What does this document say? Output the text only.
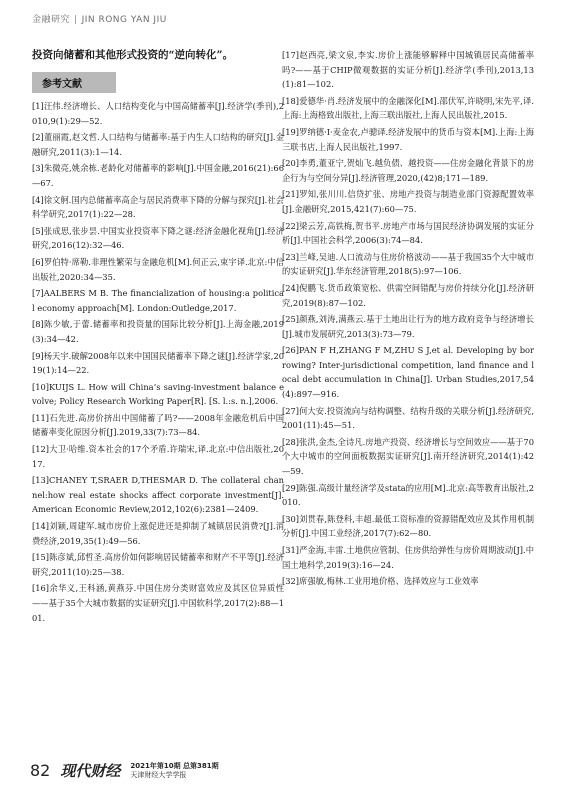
金融研究 | JIN RONG YAN JIU

投资向储蓄和其他形式投资的“逆向转化”。

参考文献

[1]汪伟.经济增长、人口结构变化与中国高储蓄率[J].经济学(季刊),2010,9(1):29—52.

[2]董丽霞,赵文哲.人口结构与储蓄率:基于内生人口结构的研究[J].金融研究,2011(3):1—14.

[3]朱微亮,姚余栋.老龄化对储蓄率的影响[J].中国金融,2016(21):66—67.

[4]徐文舸.国内总储蓄率高企与居民消费率下降的分解与探究[J].社会科学研究,2017(1):22—28.

[5]张成思,张步昙.中国实业投资率下降之谜:经济金融化视角[J].经济研究,2016(12):32—46.

[6]罗伯特·席勒.非理性繁荣与金融危机[M].何正云,束宇译.北京:中信出版社,2020:34—35.

[7]AALBERS M B. The financialization of housing:a political economy approach[M]. London:Outledge,2017.

[8]陈少敏,于蕾.储蓄率和投资量的国际比较分析[J].上海金融,2019(3):34—42.

[9]杨天宇.破解2008年以来中国国民储蓄率下降之谜[J].经济学家,2019(1):14—22.

[10]KUIJS L. How will China’s saving-investment balance evolve; Policy Research Working Paper[R]. [S. l.:s. n.],2006.

[11]石先进.高房价挤出中国储蓄了吗?——2008年金融危机后中国储蓄率变化原因分析[J].2019,33(7):73—84.

[12]大卫·哈维.资本社会的17个矛盾.许瑞宋,译.北京:中信出版社,2017.

[13]CHANEY T,SRAER D,THESMAR D. The collateral channel:how real estate shocks affect corporate investment[J]. American Economic Review,2012,102(6):2381—2409.

[14]刘颖,周建军.城市房价上涨促进还是抑制了城镇居民消费?[J].消费经济,2019,35(1):49—56.

[15]陈彦斌,邱哲圣.高房价如何影响居民储蓄率和财产不平等[J].经济研究,2011(10):25—38.

[16]余华义,王科涵,黄燕芬.中国住房分类财富效应及其区位异质性——基于35个大城市数据的实证研究[J].中国软科学,2017(2):88—101.

[17]赵西亮,梁文泉,李实.房价上涨能够解释中国城镇居民高储蓄率吗?——基于CHIP微观数据的实证分析[J].经济学(季刊),2013,13(1):81—102.

[18]爱德华·肖.经济发展中的金融深化[M].邵伏军,许晓明,宋先平,译.上海:上海格致出版社,上海三联出版社,上海人民出版社,2015.

[19]罗纳德·I·麦金农,卢骢译.经济发展中的货币与资本[M].上海:上海三联书店,上海人民出版社,1997.

[20]李勇,董亚宁,贺灿飞.越负债、越投资——住房金融化背景下的房企行为与空间分异[J].经济管理,2020,(42)8;171—189.

[21]罗知,张川川.信贷扩张、房地产投资与制造业部门资源配置效率[J].金融研究,2015,421(7):60—75.

[22]梁云芳,高铁梅,贺书平.房地产市场与国民经济协调发展的实证分析[J].中国社会科学,2006(3):74—84.

[23]兰峰,吴迪.人口流动与住房价格波动——基于我国35个大中城市的实证研究[J].华东经济管理,2018(5):97—106.

[24]倪鹏飞.货币政策宽松、供需空间错配与房价持续分化[J].经济研究,2019(8):87—102.

[25]颜燕,刘涛,满燕云.基于土地出让行为的地方政府竞争与经济增长[J].城市发展研究,2013(3):73—79.

[26]PAN F H,ZHANG F M,ZHU S J,et al. Developing by borrowing? Inter-jurisdictional competition, land finance and local debt accumulation in China[J]. Urban Studies,2017,54(4):897—916.

[27]何大安.投资流向与结构调整、结构升级的关联分析[J].经济研究,2001(11):45—51.

[28]张洪,金杰,全诗凡.房地产投资、经济增长与空间效应——基于70个大中城市的空间面板数据实证研究[J].南开经济研究,2014(1):42—59.

[29]陈强.高级计量经济学及stata的应用[M].北京:高等教育出版社,2010.

[30]刘贯春,陈登科,丰超.最低工资标准的资源错配效应及其作用机制分析[J].中国工业经济,2017(7):62—80.

[31]严金海,丰雷.土地供应管制、住房供给弹性与房价周期波动[J].中国土地科学,2019(3):16—24.

[32]席强敏,梅林.工业用地价格、选择效应与工业效率

82 现代财经 2021年第10期 总第381期
天津财经大学学报
